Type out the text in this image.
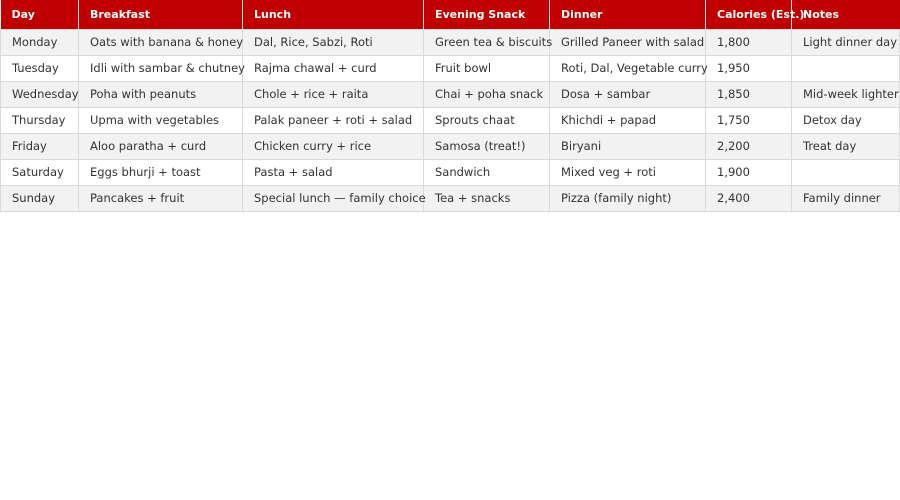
Day	Breakfast	Lunch	Evening Snack	Dinner	Calories (Est.)	Notes
Monday	Oats with banana & honey	Dal, Rice, Sabzi, Roti	Green tea & biscuits	Grilled Paneer with salad	1,800	Light dinner day
Tuesday	Idli with sambar & chutney	Rajma chawal + curd	Fruit bowl	Roti, Dal, Vegetable curry	1,950	
Wednesday	Poha with peanuts	Chole + rice + raita	Chai + poha snack	Dosa + sambar	1,850	Mid-week lighter
Thursday	Upma with vegetables	Palak paneer + roti + salad	Sprouts chaat	Khichdi + papad	1,750	Detox day
Friday	Aloo paratha + curd	Chicken curry + rice	Samosa (treat!)	Biryani	2,200	Treat day
Saturday	Eggs bhurji + toast	Pasta + salad	Sandwich	Mixed veg + roti	1,900	
Sunday	Pancakes + fruit	Special lunch — family choice	Tea + snacks	Pizza (family night)	2,400	Family dinner
